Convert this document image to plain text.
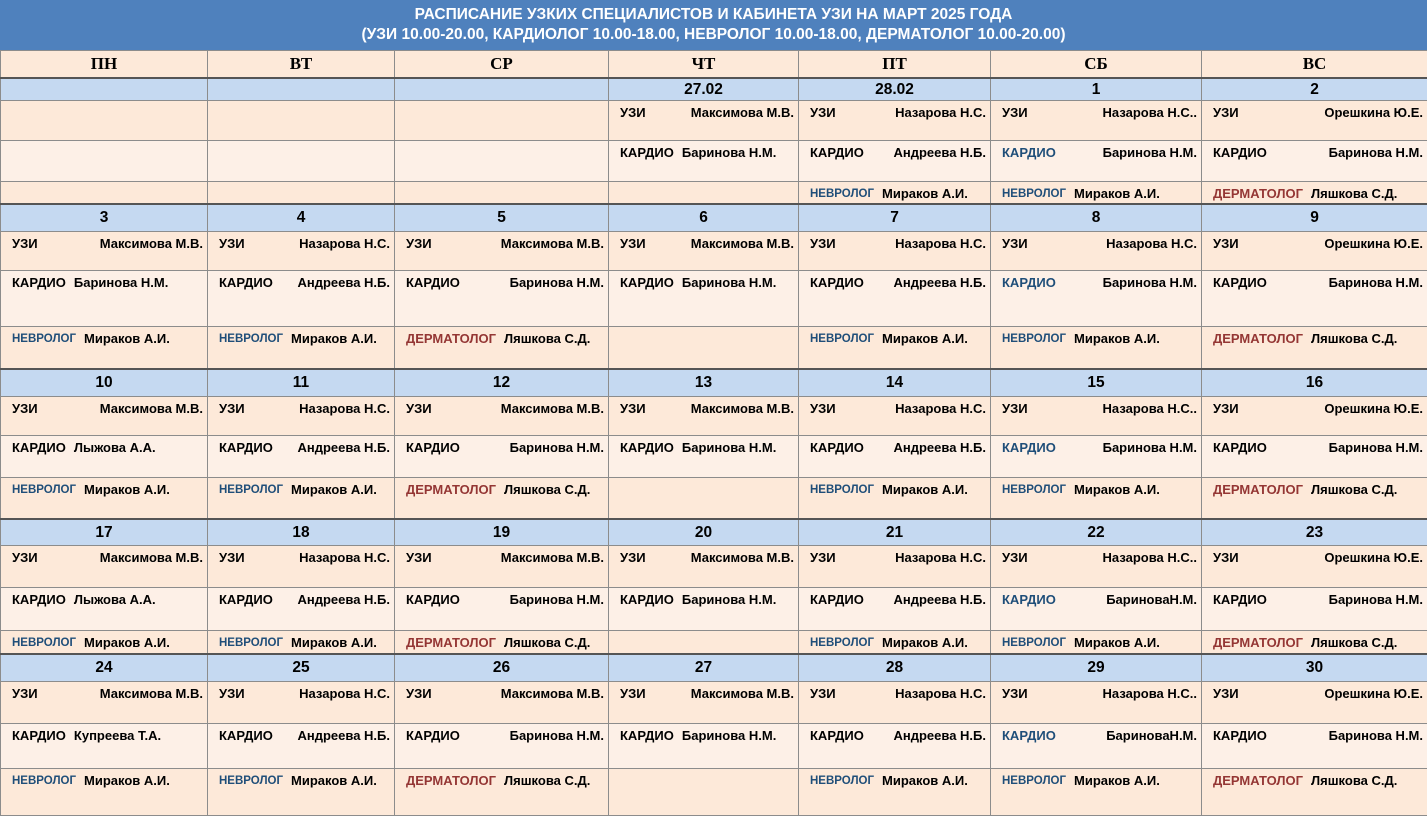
РАСПИСАНИЕ УЗКИХ СПЕЦИАЛИСТОВ И КАБИНЕТА УЗИ НА МАРТ 2025 ГОДА
(УЗИ 10.00-20.00, КАРДИОЛОГ 10.00-18.00, НЕВРОЛОГ 10.00-18.00, ДЕРМАТОЛОГ 10.00-20.00)
ПН	ВТ	СР	ЧТ	ПТ	СБ	ВС
			27.02	28.02	1	2

			УЗИ Максимова М.В.	УЗИ Назарова Н.С.	УЗИ Назарова Н.С..	УЗИ Орешкина Ю.Е.

			КАРДИО Баринова Н.М.	КАРДИО Андреева Н.Б.	КАРДИО Баринова Н.М.	КАРДИО Баринова Н.М.

				НЕВРОЛОГ Мираков А.И.	НЕВРОЛОГ Мираков А.И.	ДЕРМАТОЛОГ Ляшкова С.Д.

3	4	5	6	7	8	9

УЗИ Максимова М.В.	УЗИ Назарова Н.С.	УЗИ Максимова М.В.	УЗИ Максимова М.В.	УЗИ Назарова Н.С.	УЗИ Назарова Н.С.	УЗИ Орешкина Ю.Е.

КАРДИО Баринова Н.М.	КАРДИО Андреева Н.Б.	КАРДИО Баринова Н.М.	КАРДИО Баринова Н.М.	КАРДИО Андреева Н.Б.	КАРДИО Баринова Н.М.	КАРДИО Баринова Н.М.

НЕВРОЛОГ Мираков А.И.	НЕВРОЛОГ Мираков А.И.	ДЕРМАТОЛОГ Ляшкова С.Д.		НЕВРОЛОГ Мираков А.И.	НЕВРОЛОГ Мираков А.И.	ДЕРМАТОЛОГ Ляшкова С.Д.

10	11	12	13	14	15	16

УЗИ Максимова М.В.	УЗИ Назарова Н.С.	УЗИ Максимова М.В.	УЗИ Максимова М.В.	УЗИ Назарова Н.С.	УЗИ Назарова Н.С..	УЗИ Орешкина Ю.Е.

КАРДИО Лыжова А.А.	КАРДИО Андреева Н.Б.	КАРДИО Баринова Н.М.	КАРДИО Баринова Н.М.	КАРДИО Андреева Н.Б.	КАРДИО Баринова Н.М.	КАРДИО Баринова Н.М.

НЕВРОЛОГ Мираков А.И.	НЕВРОЛОГ Мираков А.И.	ДЕРМАТОЛОГ Ляшкова С.Д.		НЕВРОЛОГ Мираков А.И.	НЕВРОЛОГ Мираков А.И.	ДЕРМАТОЛОГ Ляшкова С.Д.

17	18	19	20	21	22	23

УЗИ Максимова М.В.	УЗИ Назарова Н.С.	УЗИ Максимова М.В.	УЗИ Максимова М.В.	УЗИ Назарова Н.С.	УЗИ Назарова Н.С..	УЗИ Орешкина Ю.Е.

КАРДИО Лыжова А.А.	КАРДИО Андреева Н.Б.	КАРДИО Баринова Н.М.	КАРДИО Баринова Н.М.	КАРДИО Андреева Н.Б.	КАРДИО БариноваН.М.	КАРДИО Баринова Н.М.

НЕВРОЛОГ Мираков А.И.	НЕВРОЛОГ Мираков А.И.	ДЕРМАТОЛОГ Ляшкова С.Д.		НЕВРОЛОГ Мираков А.И.	НЕВРОЛОГ Мираков А.И.	ДЕРМАТОЛОГ Ляшкова С.Д.

24	25	26	27	28	29	30

УЗИ Максимова М.В.	УЗИ Назарова Н.С.	УЗИ Максимова М.В.	УЗИ Максимова М.В.	УЗИ Назарова Н.С.	УЗИ Назарова Н.С..	УЗИ Орешкина Ю.Е.

КАРДИО Купреева Т.А.	КАРДИО Андреева Н.Б.	КАРДИО Баринова Н.М.	КАРДИО Баринова Н.М.	КАРДИО Андреева Н.Б.	КАРДИО БариноваН.М.	КАРДИО Баринова Н.М.

НЕВРОЛОГ Мираков А.И.	НЕВРОЛОГ Мираков А.И.	ДЕРМАТОЛОГ Ляшкова С.Д.		НЕВРОЛОГ Мираков А.И.	НЕВРОЛОГ Мираков А.И.	ДЕРМАТОЛОГ Ляшкова С.Д.
